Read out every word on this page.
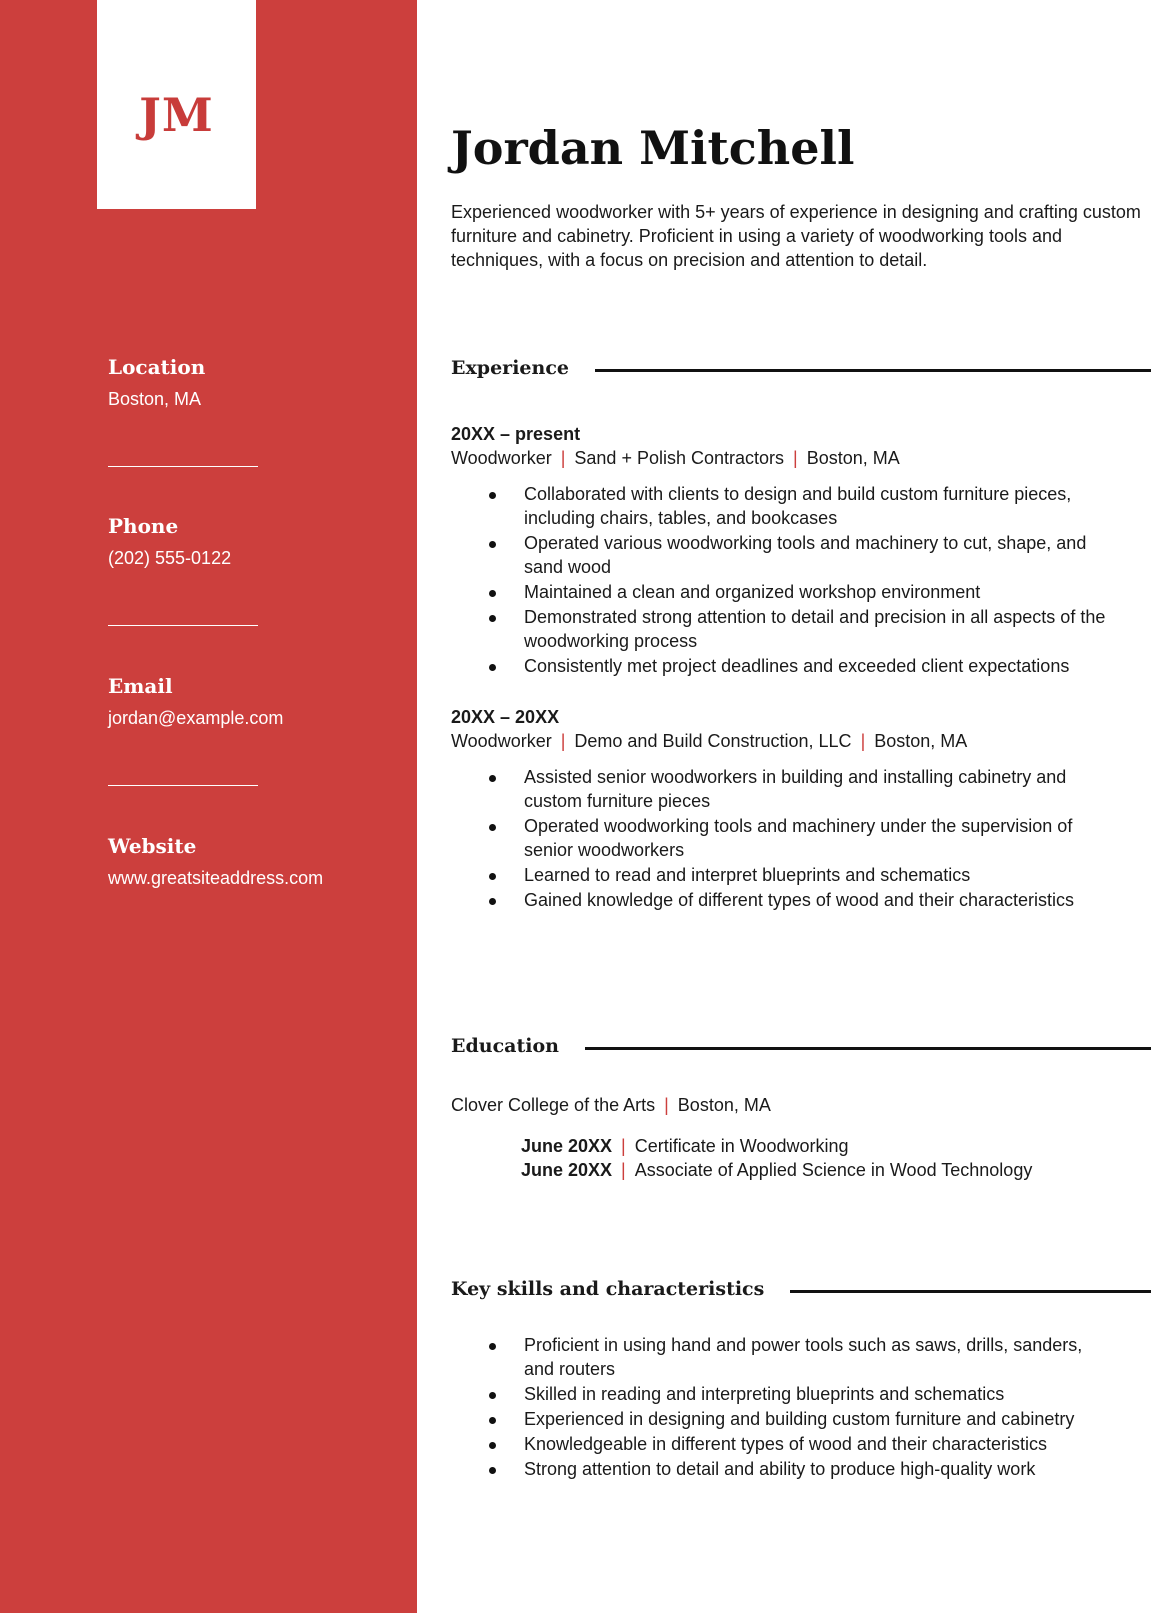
JM
Location
Boston, MA
Phone
(202) 555-0122
Email
jordan@example.com
Website
www.greatsiteaddress.com
Jordan Mitchell
Experienced woodworker with 5+ years of experience in designing and crafting custom furniture and cabinetry. Proficient in using a variety of woodworking tools and techniques, with a focus on precision and attention to detail.
Experience
20XX – present
Woodworker | Sand + Polish Contractors | Boston, MA
Collaborated with clients to design and build custom furniture pieces, including chairs, tables, and bookcases
Operated various woodworking tools and machinery to cut, shape, and sand wood
Maintained a clean and organized workshop environment
Demonstrated strong attention to detail and precision in all aspects of the woodworking process
Consistently met project deadlines and exceeded client expectations
20XX – 20XX
Woodworker | Demo and Build Construction, LLC | Boston, MA
Assisted senior woodworkers in building and installing cabinetry and custom furniture pieces
Operated woodworking tools and machinery under the supervision of senior woodworkers
Learned to read and interpret blueprints and schematics
Gained knowledge of different types of wood and their characteristics
Education
Clover College of the Arts | Boston, MA
June 20XX | Certificate in Woodworking
June 20XX | Associate of Applied Science in Wood Technology
Key skills and characteristics
Proficient in using hand and power tools such as saws, drills, sanders, and routers
Skilled in reading and interpreting blueprints and schematics
Experienced in designing and building custom furniture and cabinetry
Knowledgeable in different types of wood and their characteristics
Strong attention to detail and ability to produce high-quality work
